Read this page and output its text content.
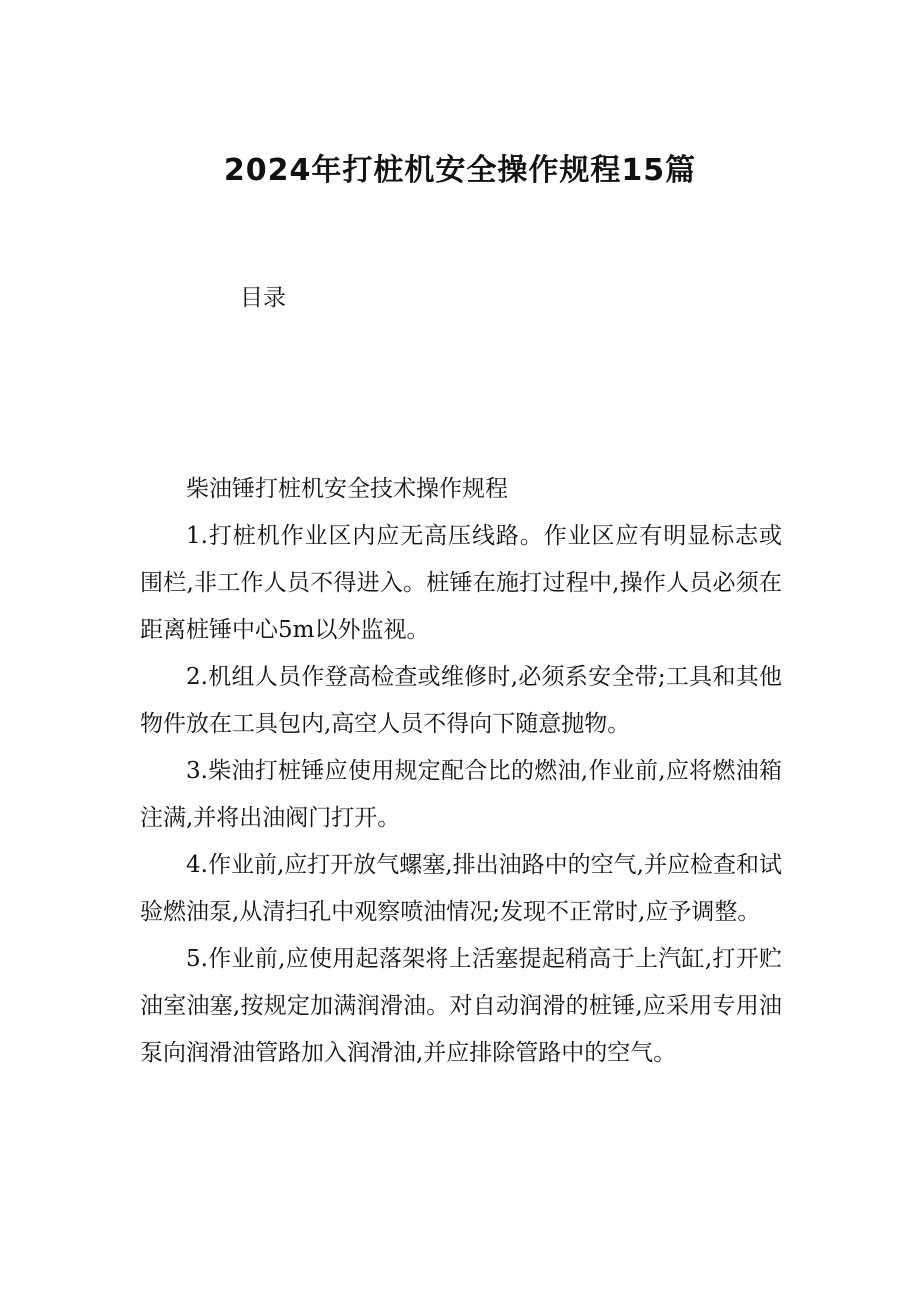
2024年打桩机安全操作规程15篇
目录

柴油锤打桩机安全技术操作规程

1.打桩机作业区内应无高压线路。作业区应有明显标志或围栏,非工作人员不得进入。桩锤在施打过程中,操作人员必须在距离桩锤中心5m以外监视。

2.机组人员作登高检查或维修时,必须系安全带;工具和其他物件放在工具包内,高空人员不得向下随意抛物。

3.柴油打桩锤应使用规定配合比的燃油,作业前,应将燃油箱注满,并将出油阀门打开。

4.作业前,应打开放气螺塞,排出油路中的空气,并应检查和试验燃油泵,从清扫孔中观察喷油情况;发现不正常时,应予调整。

5.作业前,应使用起落架将上活塞提起稍高于上汽缸,打开贮油室油塞,按规定加满润滑油。对自动润滑的桩锤,应采用专用油泵向润滑油管路加入润滑油,并应排除管路中的空气。
